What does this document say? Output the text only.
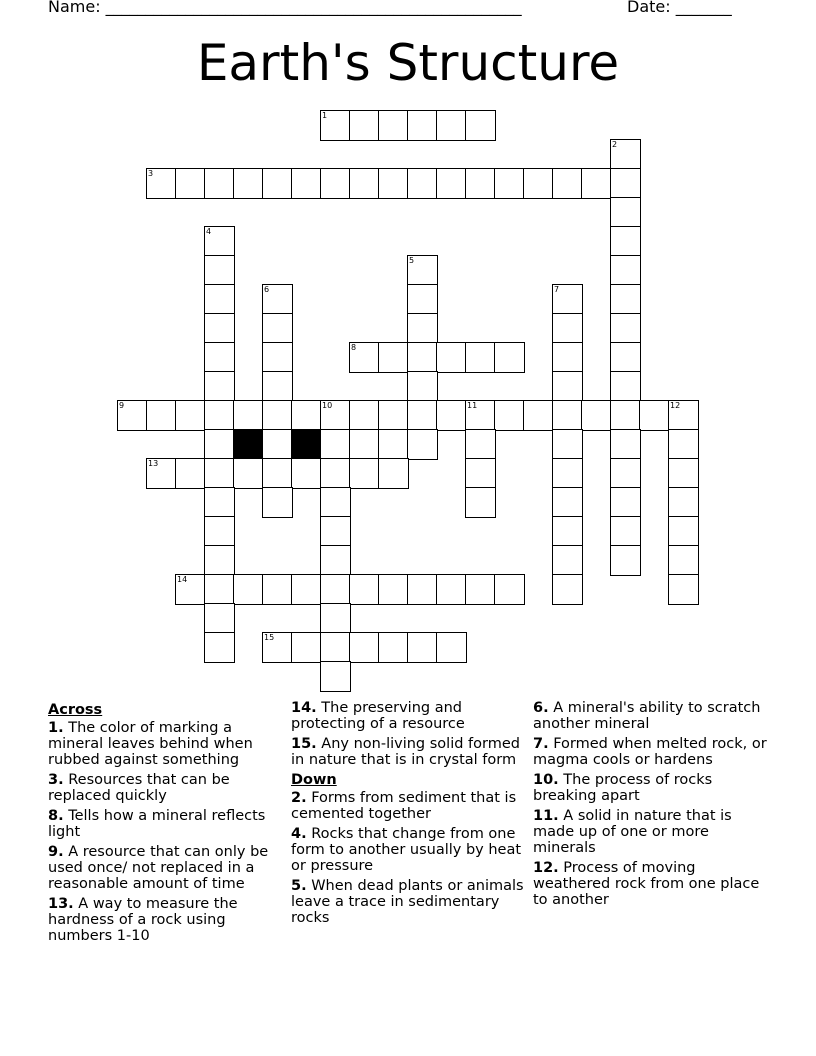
Name: ____________________________________________________	Date: _______
Earth's Structure
1
2
3
4
5
6	7
8
9	10	11	12
13
14
15
Across
1. The color of marking a mineral leaves behind when rubbed against something
3. Resources that can be replaced quickly
8. Tells how a mineral reflects light
9. A resource that can only be used once/ not replaced in a reasonable amount of time
13. A way to measure the hardness of a rock using numbers 1-10
14. The preserving and protecting of a resource
15. Any non-living solid formed in nature that is in crystal form
Down
2. Forms from sediment that is cemented together
4. Rocks that change from one form to another usually by heat or pressure
5. When dead plants or animals leave a trace in sedimentary rocks
6. A mineral's ability to scratch another mineral
7. Formed when melted rock, or magma cools or hardens
10. The process of rocks breaking apart
11. A solid in nature that is made up of one or more minerals
12. Process of moving weathered rock from one place to another
